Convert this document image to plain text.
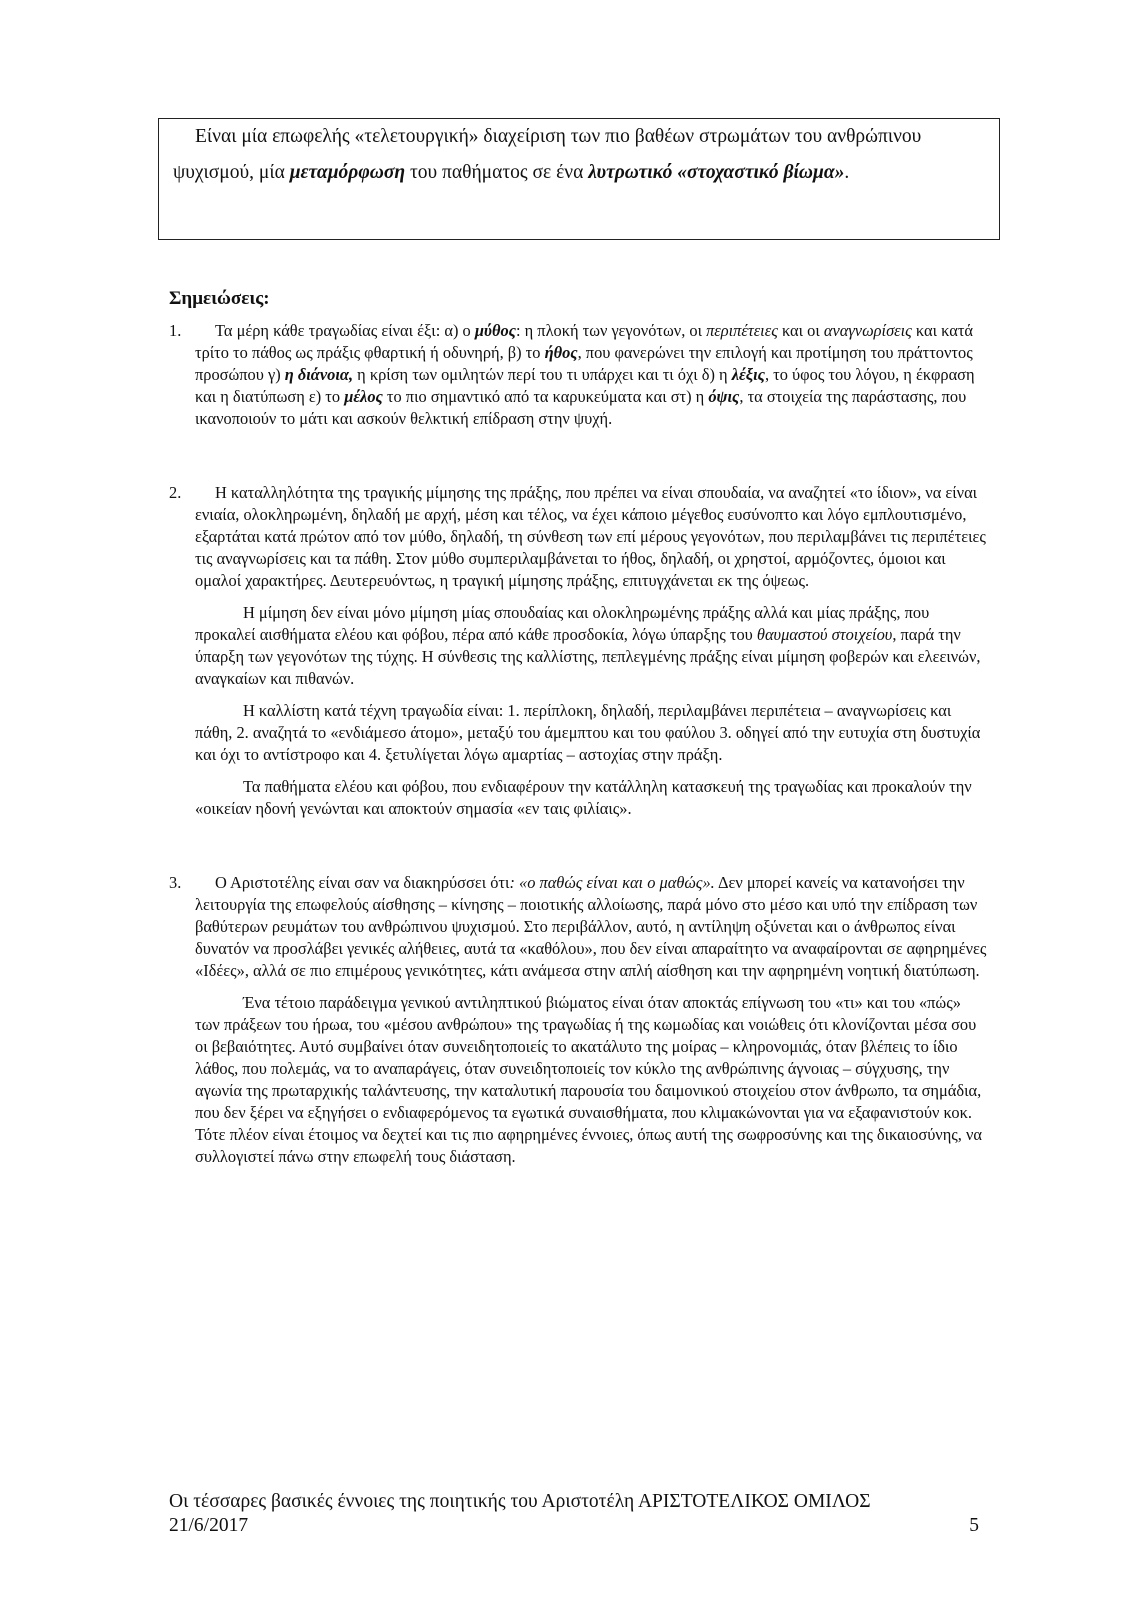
Είναι μία επωφελής «τελετουργική» διαχείριση των πιο βαθέων στρωμάτων του ανθρώπινου ψυχισμού, μία μεταμόρφωση του παθήματος σε ένα λυτρωτικό «στοχαστικό βίωμα».

Σημειώσεις:
1.	Τα μέρη κάθε τραγωδίας είναι έξι: α) ο μύθος: η πλοκή των γεγονότων, οι περιπέτειες και οι αναγνωρίσεις και κατά τρίτο το πάθος ως πράξις φθαρτική ή οδυνηρή, β) το ήθος, που φανερώνει την επιλογή και προτίμηση του πράττοντος προσώπου γ) η διάνοια, η κρίση των ομιλητών περί του τι υπάρχει και τι όχι δ) η λέξις, το ύφος του λόγου, η έκφραση και η διατύπωση ε) το μέλος το πιο σημαντικό από τα καρυκεύματα και στ) η όψις, τα στοιχεία της παράστασης, που ικανοποιούν το μάτι και ασκούν θελκτική επίδραση στην ψυχή.

2.	Η καταλληλότητα της τραγικής μίμησης της πράξης, που πρέπει να είναι σπουδαία, να αναζητεί «το ίδιον», να είναι ενιαία, ολοκληρωμένη, δηλαδή με αρχή, μέση και τέλος, να έχει κάποιο μέγεθος ευσύνοπτο και λόγο εμπλουτισμένο, εξαρτάται κατά πρώτον από τον μύθο, δηλαδή, τη σύνθεση των επί μέρους γεγονότων, που περιλαμβάνει τις περιπέτειες τις αναγνωρίσεις και τα πάθη. Στον μύθο συμπεριλαμβάνεται το ήθος, δηλαδή, οι χρηστοί, αρμόζοντες, όμοιοι και ομαλοί χαρακτήρες. Δευτερευόντως, η τραγική μίμησης πράξης, επιτυγχάνεται εκ της όψεως.

Η μίμηση δεν είναι μόνο μίμηση μίας σπουδαίας και ολοκληρωμένης πράξης αλλά και μίας πράξης, που προκαλεί αισθήματα ελέου και φόβου, πέρα από κάθε προσδοκία, λόγω ύπαρξης του θαυμαστού στοιχείου, παρά την ύπαρξη των γεγονότων της τύχης. Η σύνθεσις της καλλίστης, πεπλεγμένης πράξης είναι μίμηση φοβερών και ελεεινών, αναγκαίων και πιθανών.

Η καλλίστη κατά τέχνη τραγωδία είναι: 1. περίπλοκη, δηλαδή, περιλαμβάνει περιπέτεια – αναγνωρίσεις και πάθη, 2. αναζητά το «ενδιάμεσο άτομο», μεταξύ του άμεμπτου και του φαύλου 3. οδηγεί από την ευτυχία στη δυστυχία και όχι το αντίστροφο και 4. ξετυλίγεται λόγω αμαρτίας – αστοχίας στην πράξη.

Τα παθήματα ελέου και φόβου, που ενδιαφέρουν την κατάλληλη κατασκευή της τραγωδίας και προκαλούν την «οικείαν ηδονή γενώνται και αποκτούν σημασία «εν ταις φιλίαις».

3.	Ο Αριστοτέλης είναι σαν να διακηρύσσει ότι: «ο παθώς είναι και ο μαθώς». Δεν μπορεί κανείς να κατανοήσει την λειτουργία της επωφελούς αίσθησης – κίνησης – ποιοτικής αλλοίωσης, παρά μόνο στο μέσο και υπό την επίδραση των βαθύτερων ρευμάτων του ανθρώπινου ψυχισμού. Στο περιβάλλον, αυτό, η αντίληψη οξύνεται και ο άνθρωπος είναι δυνατόν να προσλάβει γενικές αλήθειες, αυτά τα «καθόλου», που δεν είναι απαραίτητο να αναφαίρονται σε αφηρημένες «Ιδέες», αλλά σε πιο επιμέρους γενικότητες, κάτι ανάμεσα στην απλή αίσθηση και την αφηρημένη νοητική διατύπωση.

Ένα τέτοιο παράδειγμα γενικού αντιληπτικού βιώματος είναι όταν αποκτάς επίγνωση του «τι» και του «πώς» των πράξεων του ήρωα, του «μέσου ανθρώπου» της τραγωδίας ή της κωμωδίας και νοιώθεις ότι κλονίζονται μέσα σου οι βεβαιότητες. Αυτό συμβαίνει όταν συνειδητοποιείς το ακατάλυτο της μοίρας – κληρονομιάς, όταν βλέπεις το ίδιο λάθος, που πολεμάς, να το αναπαράγεις, όταν συνειδητοποιείς τον κύκλο της ανθρώπινης άγνοιας – σύγχυσης, την αγωνία της πρωταρχικής ταλάντευσης, την καταλυτική παρουσία του δαιμονικού στοιχείου στον άνθρωπο, τα σημάδια, που δεν ξέρει να εξηγήσει ο ενδιαφερόμενος τα εγωτικά συναισθήματα, που κλιμακώνονται για να εξαφανιστούν κοκ. Τότε πλέον είναι έτοιμος να δεχτεί και τις πιο αφηρημένες έννοιες, όπως αυτή της σωφροσύνης και της δικαιοσύνης, να συλλογιστεί πάνω στην επωφελή τους διάσταση.

Οι τέσσαρες βασικές έννοιες της ποιητικής του Αριστοτέλη ΑΡΙΣΤΟΤΕΛΙΚΟΣ ΟΜΙΛΟΣ
21/6/2017	5
